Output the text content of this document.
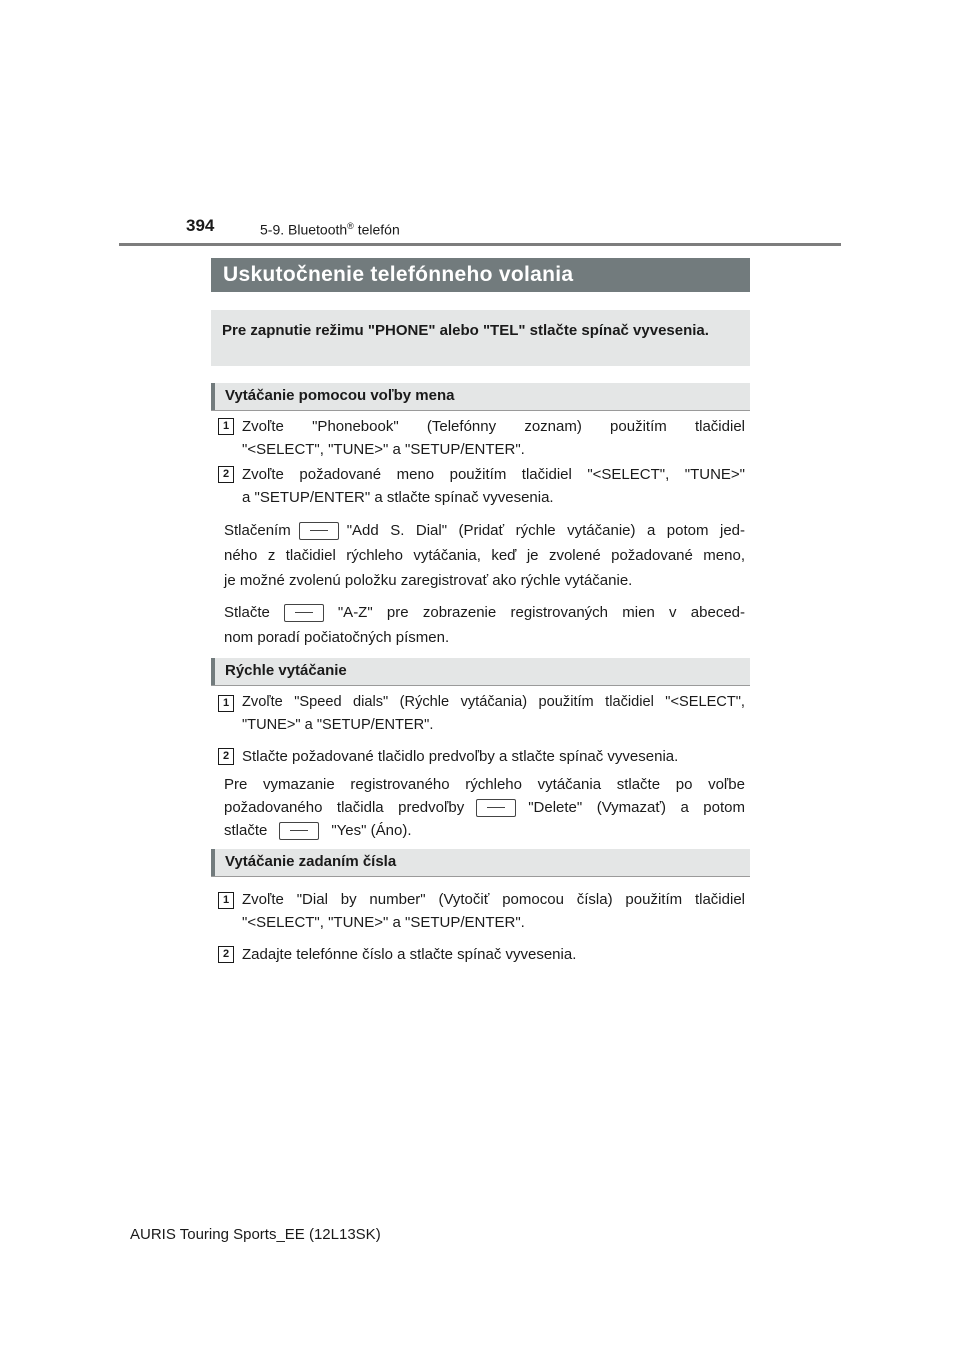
394	5-9. Bluetooth® telefón
Uskutočnenie telefónneho volania
Pre zapnutie režimu "PHONE" alebo "TEL" stlačte spínač vyvesenia.
Vytáčanie pomocou voľby mena
1 Zvoľte "Phonebook" (Telefónny zoznam) použitím tlačidiel
"<SELECT", "TUNE>" a "SETUP/ENTER".
2 Zvoľte požadované meno použitím tlačidiel "<SELECT", "TUNE>"
a "SETUP/ENTER" a stlačte spínač vyvesenia.
Stlačením	"Add S. Dial" (Pridať rýchle vytáčanie) a potom jed-
ného z tlačidiel rýchleho vytáčania, keď je zvolené požadované meno,
je možné zvolenú položku zaregistrovať ako rýchle vytáčanie.
Stlačte	"A-Z" pre zobrazenie registrovaných mien v abeced-
nom poradí počiatočných písmen.
Rýchle vytáčanie
1 Zvoľte "Speed dials" (Rýchle vytáčania) použitím tlačidiel "<SELECT",
"TUNE>" a "SETUP/ENTER".
2 Stlačte požadované tlačidlo predvoľby a stlačte spínač vyvesenia.
Pre vymazanie registrovaného rýchleho vytáčania stlačte po voľbe
požadovaného tlačidla predvoľby	"Delete" (Vymazať) a potom
stlačte	"Yes" (Áno).
Vytáčanie zadaním čísla
1 Zvoľte "Dial by number" (Vytočiť pomocou čísla) použitím tlačidiel
"<SELECT", "TUNE>" a "SETUP/ENTER".
2 Zadajte telefónne číslo a stlačte spínač vyvesenia.
AURIS Touring Sports_EE (12L13SK)
